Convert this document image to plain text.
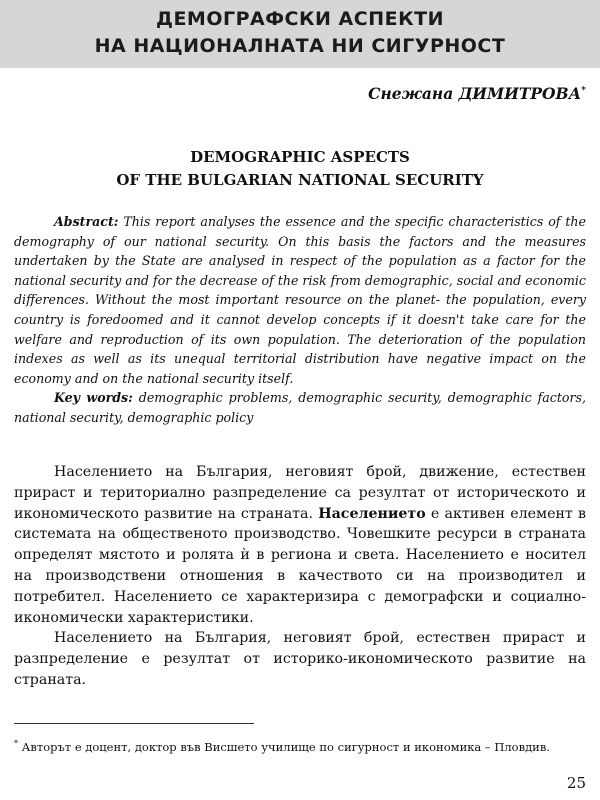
ДЕМОГРАФСКИ АСПЕКТИ
НА НАЦИОНАЛНАТА НИ СИГУРНОСТ
Снежана ДИМИТРОВА*
DEMOGRAPHIC ASPECTS
OF THE BULGARIAN NATIONAL SECURITY

Abstract: This report analyses the essence and the specific characteristics of the demography of our national security. On this basis the factors and the measures undertaken by the State are analysed in respect of the population as a factor for the national security and for the decrease of the risk from demographic, social and economic differences. Without the most important resource on the planet- the population, every country is foredoomed and it cannot develop concepts if it doesn't take care for the welfare and reproduction of its own population. The deterioration of the population indexes as well as its unequal territorial distribution have negative impact on the economy and on the national security itself.

Key words: demographic problems, demographic security, demographic factors, national security, demographic policy

Населението на България, неговият брой, движение, естествен прираст и териториално разпределение са резултат от историческото и икономическото развитие на страната. Населението е активен елемент в системата на общественото производство. Човешките ресурси в страната определят мястото и ролята ѝ в региона и света. Населението е носител на производствени отношения в качеството си на производител и потребител. Населението се характеризира с демографски и социално-икономически характеристики.

Населението на България, неговият брой, естествен прираст и разпределение е резултат от историко-икономическото развитие на страната.

* Авторът е доцент, доктор във Висшето училище по сигурност и икономика – Пловдив.
25
